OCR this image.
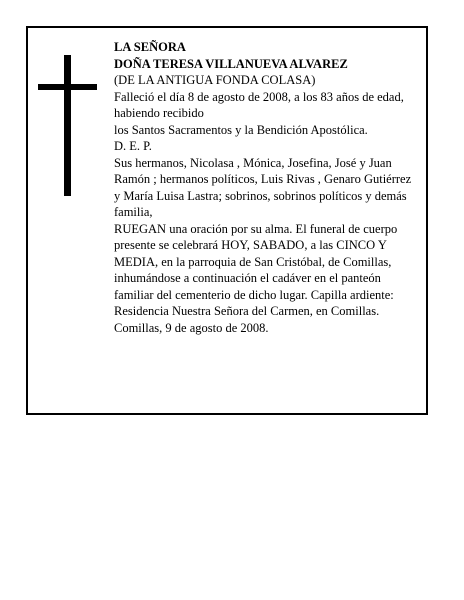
LA SEÑORA

DOÑA TERESA VILLANUEVA ALVAREZ

(DE LA ANTIGUA FONDA COLASA)

Falleció el día 8 de agosto de 2008, a los 83 años de edad, habiendo recibido

los Santos Sacramentos y la Bendición Apostólica.

D. E. P.

Sus hermanos, Nicolasa , Mónica, Josefina, José y Juan Ramón ; hermanos políticos, Luis Rivas , Genaro Gutiérrez y María Luisa Lastra; sobrinos, sobrinos políticos y demás familia,

RUEGAN una oración por su alma. El funeral de cuerpo presente se celebrará HOY, SABADO, a las CINCO Y MEDIA, en la parroquia de San Cristóbal, de Comillas, inhumándose a continuación el cadáver en el panteón familiar del cementerio de dicho lugar. Capilla ardiente: Residencia Nuestra Señora del Carmen, en Comillas.

Comillas, 9 de agosto de 2008.
